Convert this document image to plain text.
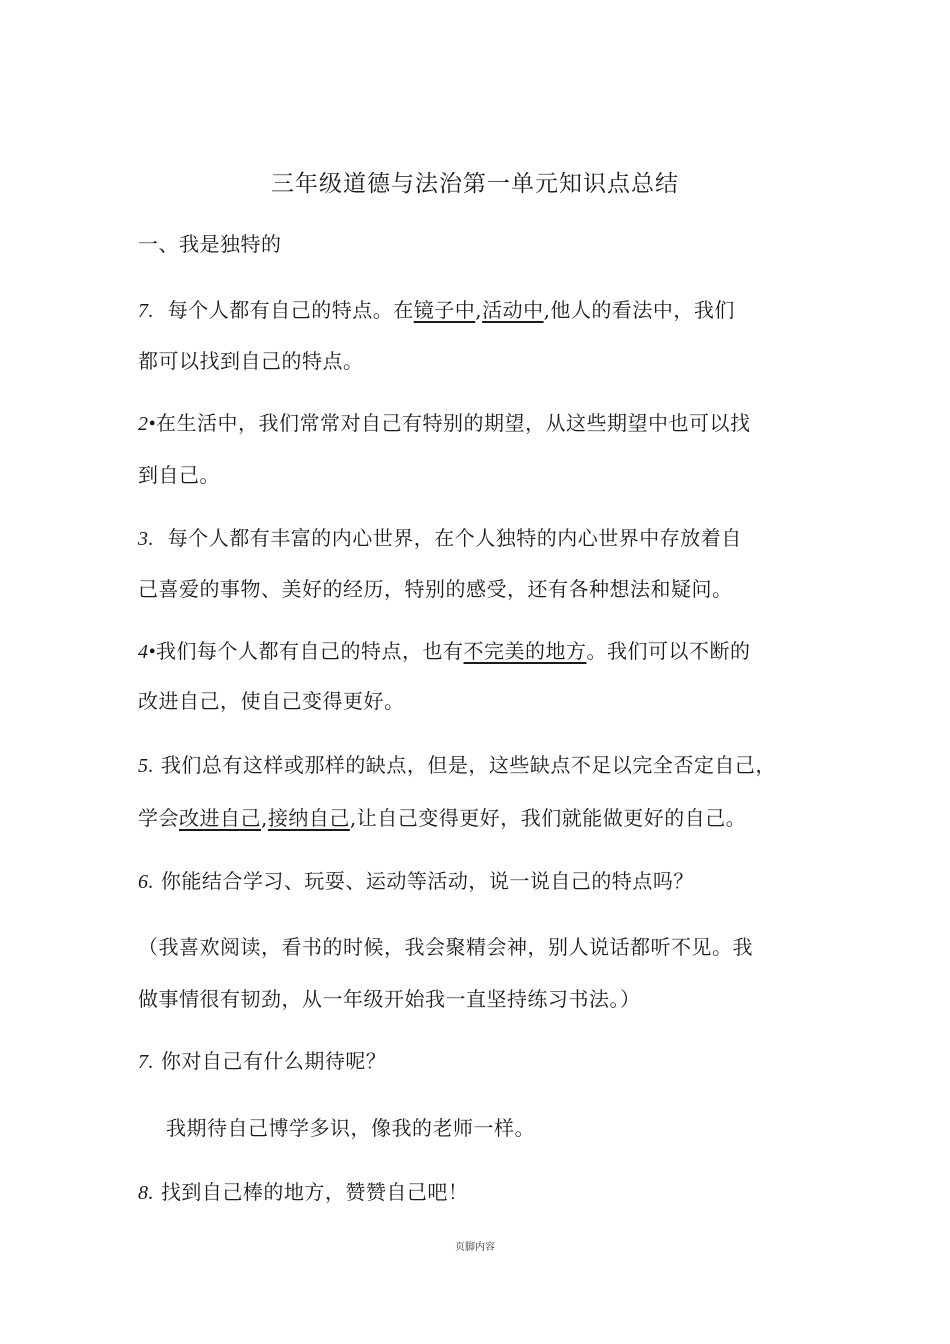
三年级道德与法治第一单元知识点总结
一、我是独特的
7. 每个人都有自己的特点。在镜子中,活动中,他人的看法中，我们
都可以找到自己的特点。
2•在生活中，我们常常对自己有特别的期望，从这些期望中也可以找
到自己。
3. 每个人都有丰富的内心世界，在个人独特的内心世界中存放着自
己喜爱的事物、美好的经历，特别的感受，还有各种想法和疑问。
4•我们每个人都有自己的特点，也有不完美的地方。我们可以不断的
改进自己，使自己变得更好。
5. 我们总有这样或那样的缺点，但是，这些缺点不足以完全否定自己，
学会改进自己,接纳自己,让自己变得更好，我们就能做更好的自己。
6. 你能结合学习、玩耍、运动等活动，说一说自己的特点吗？
（我喜欢阅读，看书的时候，我会聚精会神，别人说话都听不见。我
做事情很有韧劲，从一年级开始我一直坚持练习书法。）
7. 你对自己有什么期待呢？
我期待自己博学多识，像我的老师一样。
8. 找到自己棒的地方，赞赞自己吧！
页脚内容
